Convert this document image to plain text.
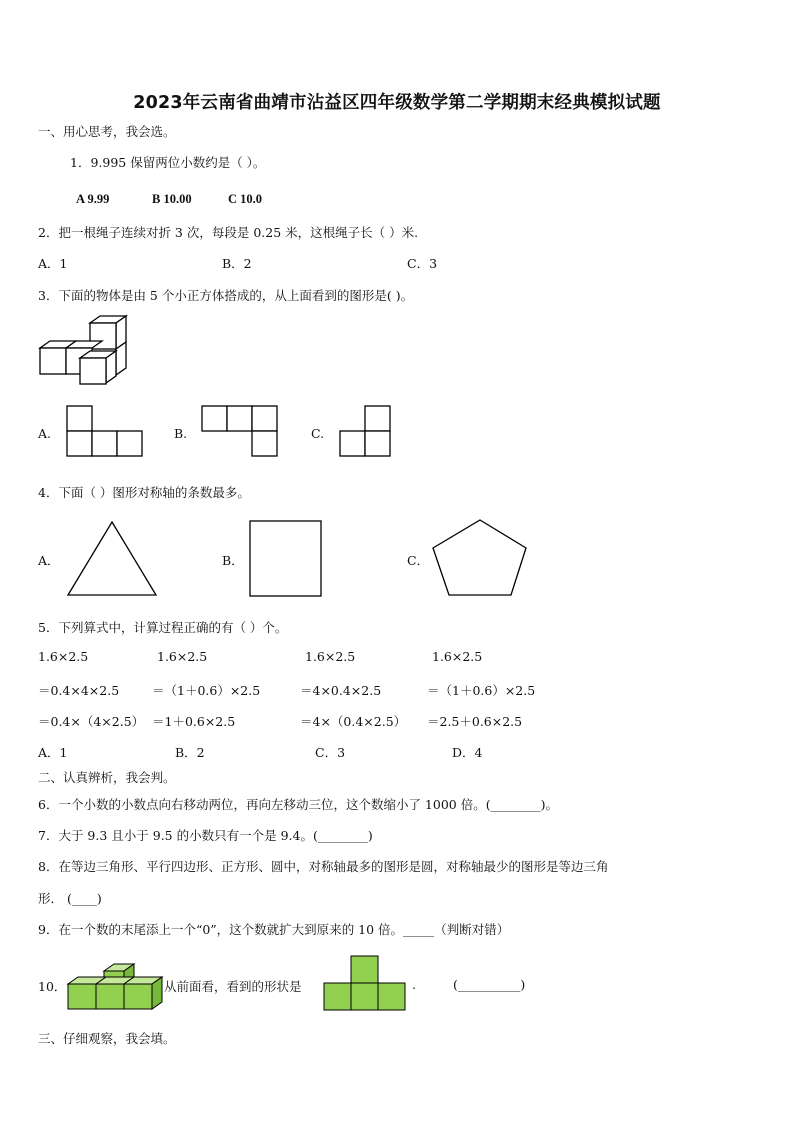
2023年云南省曲靖市沾益区四年级数学第二学期期末经典模拟试题
一、用心思考，我会选。
1．9.995 保留两位小数约是（ ）。
A 9.99	B 10.00	C 10.0
2．把一根绳子连续对折 3 次，每段是 0.25 米，这根绳子长（ ）米.
A．1	B．2	C．3
3．下面的物体是由 5 个小正方体搭成的，从上面看到的图形是( )。
A.	B.	C.
4．下面（ ）图形对称轴的条数最多。
A．	B．	C．
5．下列算式中，计算过程正确的有（ ）个。
1.6×2.5
＝0.4×4×2.5
＝0.4×（4×2.5）
1.6×2.5
＝（1＋0.6）×2.5
＝1＋0.6×2.5
1.6×2.5
＝4×0.4×2.5
＝4×（0.4×2.5）
1.6×2.5
＝（1＋0.6）×2.5
＝2.5＋0.6×2.5
A．1	B．2	C．3	D．4
二、认真辨析，我会判。
6．一个小数的小数点向右移动两位，再向左移动三位，这个数缩小了 1000 倍。(________)。
7．大于 9.3 且小于 9.5 的小数只有一个是 9.4。(________)
8．在等边三角形、平行四边形、正方形、圆中，对称轴最多的图形是圆，对称轴最少的图形是等边三角
形． (____)
9．在一个数的末尾添上一个“0”，这个数就扩大到原来的 10 倍。_____（判断对错）
10．	从前面看，看到的形状是	.	(__________)
三、仔细观察，我会填。
